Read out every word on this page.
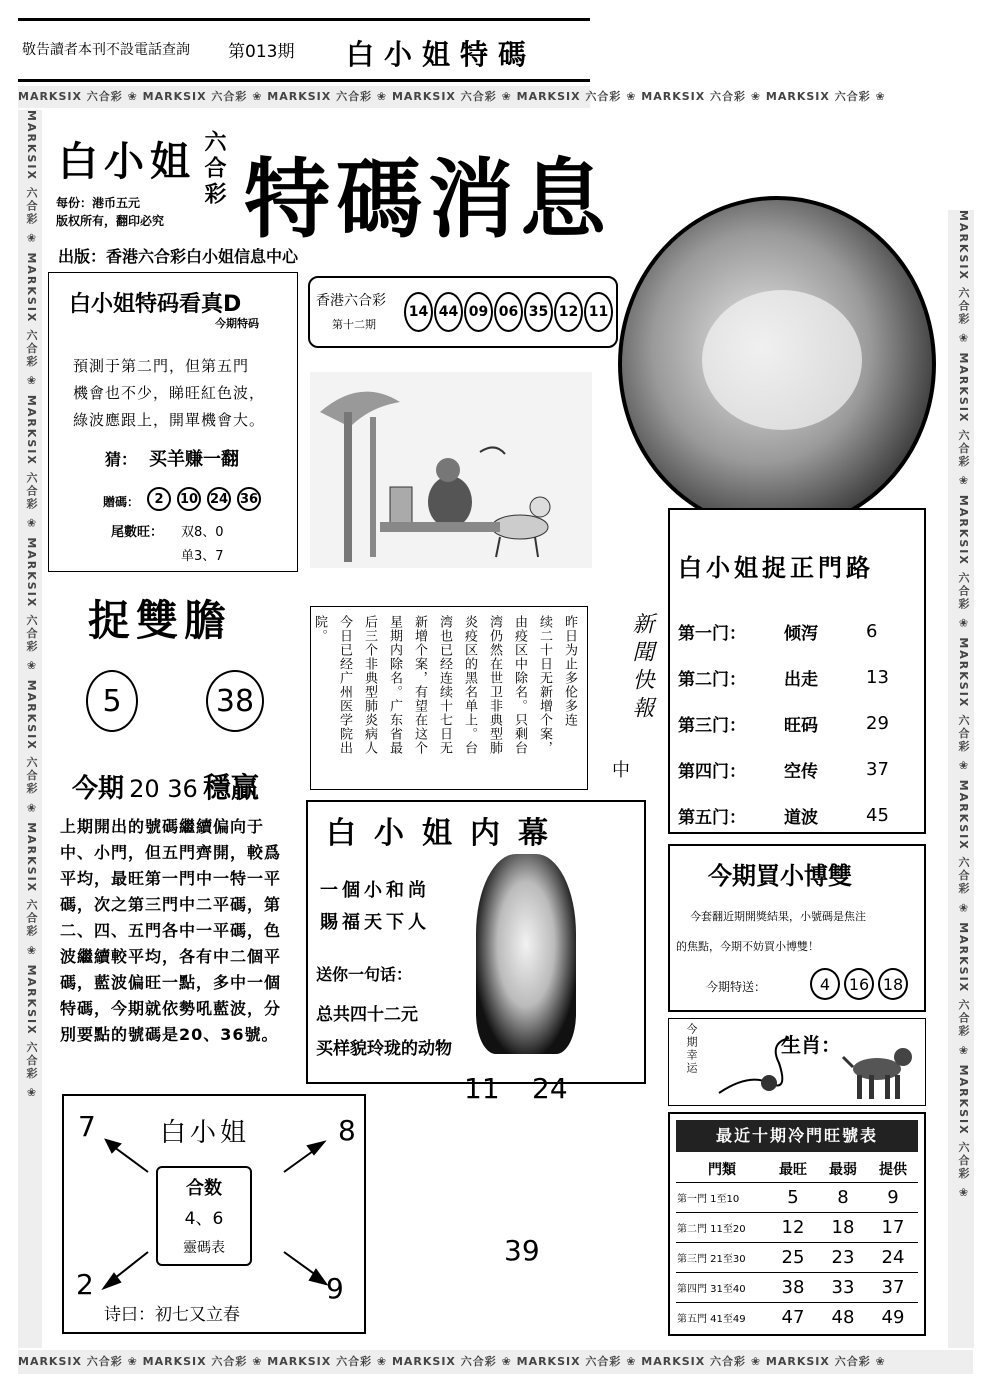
敬告讀者本刊不設電話查詢 第013期 白小姐特碼
MARKSIX 六合彩 ❀ MARKSIX 六合彩 ❀ MARKSIX 六合彩 ❀ MARKSIX 六合彩 ❀ MARKSIX 六合彩 ❀ MARKSIX 六合彩 ❀ MARKSIX 六合彩 ❀
MARKSIX 六合彩 ❀ MARKSIX 六合彩 ❀ MARKSIX 六合彩 ❀ MARKSIX 六合彩 ❀ MARKSIX 六合彩 ❀ MARKSIX 六合彩 ❀ MARKSIX 六合彩 ❀
MARKSIX 六合彩 ❀ MARKSIX 六合彩 ❀ MARKSIX 六合彩 ❀ MARKSIX 六合彩 ❀ MARKSIX 六合彩 ❀ MARKSIX 六合彩 ❀ MARKSIX 六合彩 ❀	MARKSIX 六合彩 ❀ MARKSIX 六合彩 ❀ MARKSIX 六合彩 ❀ MARKSIX 六合彩 ❀ MARKSIX 六合彩 ❀ MARKSIX 六合彩 ❀ MARKSIX 六合彩 ❀
白小姐 六合彩 特碼消息
每份：港币五元
版权所有，翻印必究
出版：香港六合彩白小姐信息中心
白小姐特码看真D
今期特码
預測于第二門，但第五門
機會也不少，睇旺紅色波，
綠波應跟上，開單機會大。
猜： 买羊赚一翻
贈碼：	2	10 24 36
尾數旺： 双8、0
单3、7
香港六合彩
第十二期
14 44 09 06 35 12 11
捉雙膽
5	38
今期 20 36 穩贏
上期開出的號碼繼續偏向于中、小門，但五門齊開，較爲平均，最旺第一門中一特一平碼，次之第三門中二平碼，第二、四、五門各中一平碼，色波繼續較平均，各有中二個平碼，藍波偏旺一點，多中一個特碼，今期就依勢吼藍波，分別要點的號碼是20、36號。
昨日为止多伦多连
续二十日无新增个案，
由疫区中除名。只剩台
湾仍然在世卫非典型肺
炎疫区的黑名单上。台
湾也已经连续十七日无
新增个案，有望在这个
星期内除名。广东省最
后三个非典型肺炎病人
今日已经广州医学院出
院。	新聞快報
中
白小姐内幕
一個小和尚
賜福天下人
送你一句话：
总共四十二元
买样貌玲珑的动物
11 24
39
7	8
2	9
白小姐
合数
4、6
靈碼表
诗曰：初七又立春
白小姐捉正門路
第一门：	倾泻	6
第二门：	出走	13
第三门：	旺码	29
第四门：	空传	37
第五门：	道波	45
今期買小博雙
今套翻近期開獎結果，小號碼是焦注
的焦點，今期不妨買小博雙！
今期特送：	4	16 18
今期幸运	生肖：
最近十期冷門旺號表
門類	最旺	最弱	提供
第一門 1至10	5	8	9
第二門 11至20	12	18	17
第三門 21至30	25	23	24
第四門 31至40	38	33	37
第五門 41至49	47	48	49
